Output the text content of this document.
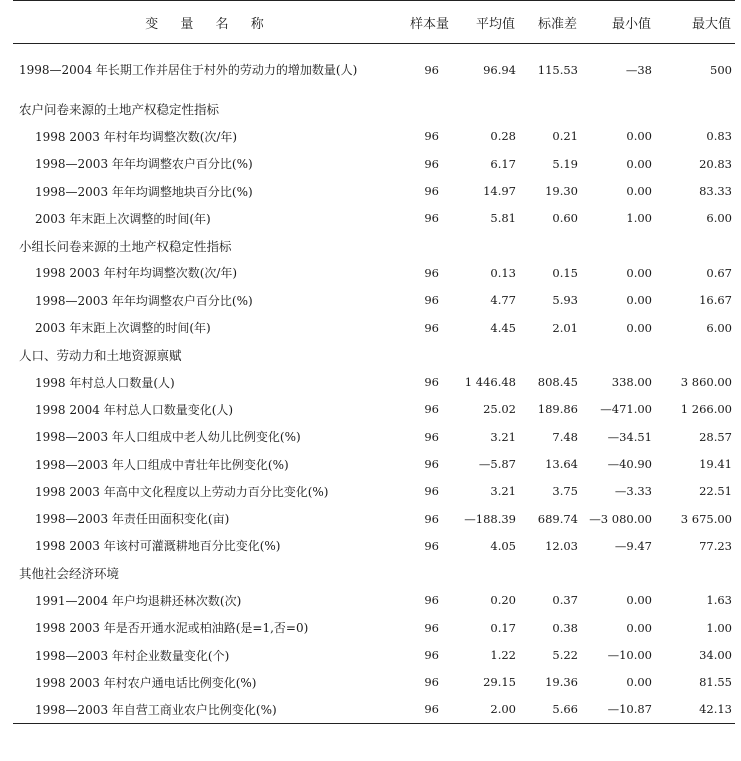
变 量 名 称	样本量	平均值	标准差	最小值	最大值
1998—2004 年长期工作并居住于村外的劳动力的增加数量(人)	96	96.94	115.53	—38	500
农户问卷来源的土地产权稳定性指标					
1998 2003 年村年均调整次数(次/年)	96	0.28	0.21	0.00	0.83
1998—2003 年年均调整农户百分比(%)	96	6.17	5.19	0.00	20.83
1998—2003 年年均调整地块百分比(%)	96	14.97	19.30	0.00	83.33
2003 年末距上次调整的时间(年)	96	5.81	0.60	1.00	6.00
小组长问卷来源的土地产权稳定性指标					
1998 2003 年村年均调整次数(次/年)	96	0.13	0.15	0.00	0.67
1998—2003 年年均调整农户百分比(%)	96	4.77	5.93	0.00	16.67
2003 年末距上次调整的时间(年)	96	4.45	2.01	0.00	6.00
人口、劳动力和土地资源禀赋					
1998 年村总人口数量(人)	96	1 446.48	808.45	338.00	3 860.00
1998 2004 年村总人口数量变化(人)	96	25.02	189.86	—471.00	1 266.00
1998—2003 年人口组成中老人幼儿比例变化(%)	96	3.21	7.48	—34.51	28.57
1998—2003 年人口组成中青壮年比例变化(%)	96	—5.87	13.64	—40.90	19.41
1998 2003 年高中文化程度以上劳动力百分比变化(%)	96	3.21	3.75	—3.33	22.51
1998—2003 年责任田面积变化(亩)	96	—188.39	689.74	—3 080.00	3 675.00
1998 2003 年该村可灌溉耕地百分比变化(%)	96	4.05	12.03	—9.47	77.23
其他社会经济环境					
1991—2004 年户均退耕还林次数(次)	96	0.20	0.37	0.00	1.63
1998 2003 年是否开通水泥或柏油路(是=1,否=0)	96	0.17	0.38	0.00	1.00
1998—2003 年村企业数量变化(个)	96	1.22	5.22	—10.00	34.00
1998 2003 年村农户通电话比例变化(%)	96	29.15	19.36	0.00	81.55
1998—2003 年自营工商业农户比例变化(%)	96	2.00	5.66	—10.87	42.13
